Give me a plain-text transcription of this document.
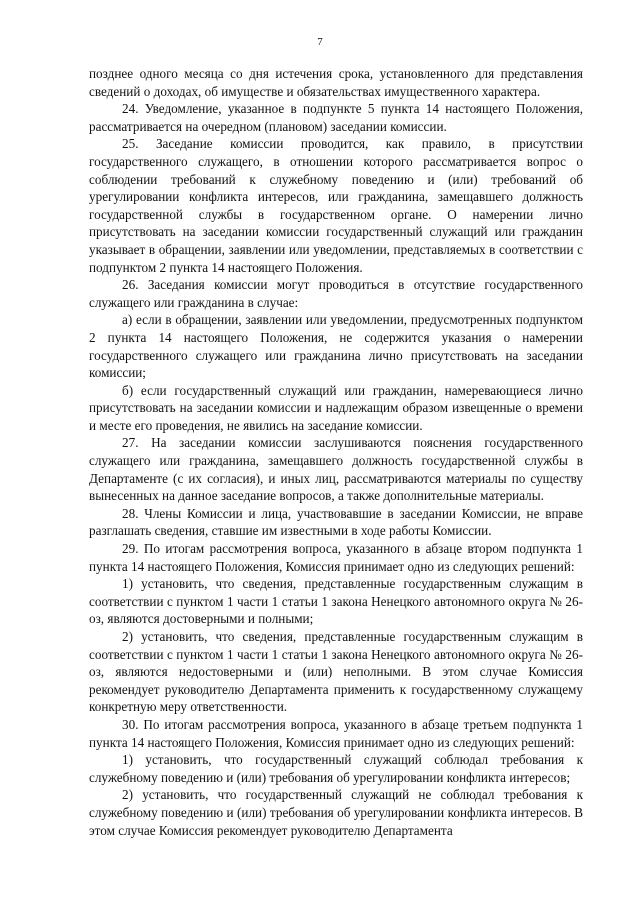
7

позднее одного месяца со дня истечения срока, установленного для представления сведений о доходах, об имуществе и обязательствах имущественного характера.

24. Уведомление, указанное в подпункте 5 пункта 14 настоящего Положения, рассматривается на очередном (плановом) заседании комиссии.

25. Заседание комиссии проводится, как правило, в присутствии государственного служащего, в отношении которого рассматривается вопрос о соблюдении требований к служебному поведению и (или) требований об урегулировании конфликта интересов, или гражданина, замещавшего должность государственной службы в государственном органе. О намерении лично присутствовать на заседании комиссии государственный служащий или гражданин указывает в обращении, заявлении или уведомлении, представляемых в соответствии с подпунктом 2 пункта 14 настоящего Положения.

26. Заседания комиссии могут проводиться в отсутствие государственного служащего или гражданина в случае:

а) если в обращении, заявлении или уведомлении, предусмотренных подпунктом 2 пункта 14 настоящего Положения, не содержится указания о намерении государственного служащего или гражданина лично присутствовать на заседании комиссии;

б) если государственный служащий или гражданин, намеревающиеся лично присутствовать на заседании комиссии и надлежащим образом извещенные о времени и месте его проведения, не явились на заседание комиссии.

27. На заседании комиссии заслушиваются пояснения государственного служащего или гражданина, замещавшего должность государственной службы в Департаменте (с их согласия), и иных лиц, рассматриваются материалы по существу вынесенных на данное заседание вопросов, а также дополнительные материалы.

28. Члены Комиссии и лица, участвовавшие в заседании Комиссии, не вправе разглашать сведения, ставшие им известными в ходе работы Комиссии.

29. По итогам рассмотрения вопроса, указанного в абзаце втором подпункта 1 пункта 14 настоящего Положения, Комиссия принимает одно из следующих решений:

1) установить, что сведения, представленные государственным служащим в соответствии с пунктом 1 части 1 статьи 1 закона Ненецкого автономного округа № 26-оз, являются достоверными и полными;

2) установить, что сведения, представленные государственным служащим в соответствии с пунктом 1 части 1 статьи 1 закона Ненецкого автономного округа № 26-оз, являются недостоверными и (или) неполными. В этом случае Комиссия рекомендует руководителю Департамента применить к государственному служащему конкретную меру ответственности.

30. По итогам рассмотрения вопроса, указанного в абзаце третьем подпункта 1 пункта 14 настоящего Положения, Комиссия принимает одно из следующих решений:

1) установить, что государственный служащий соблюдал требования к служебному поведению и (или) требования об урегулировании конфликта интересов;

2) установить, что государственный служащий не соблюдал требования к служебному поведению и (или) требования об урегулировании конфликта интересов. В этом случае Комиссия рекомендует руководителю Департамента
